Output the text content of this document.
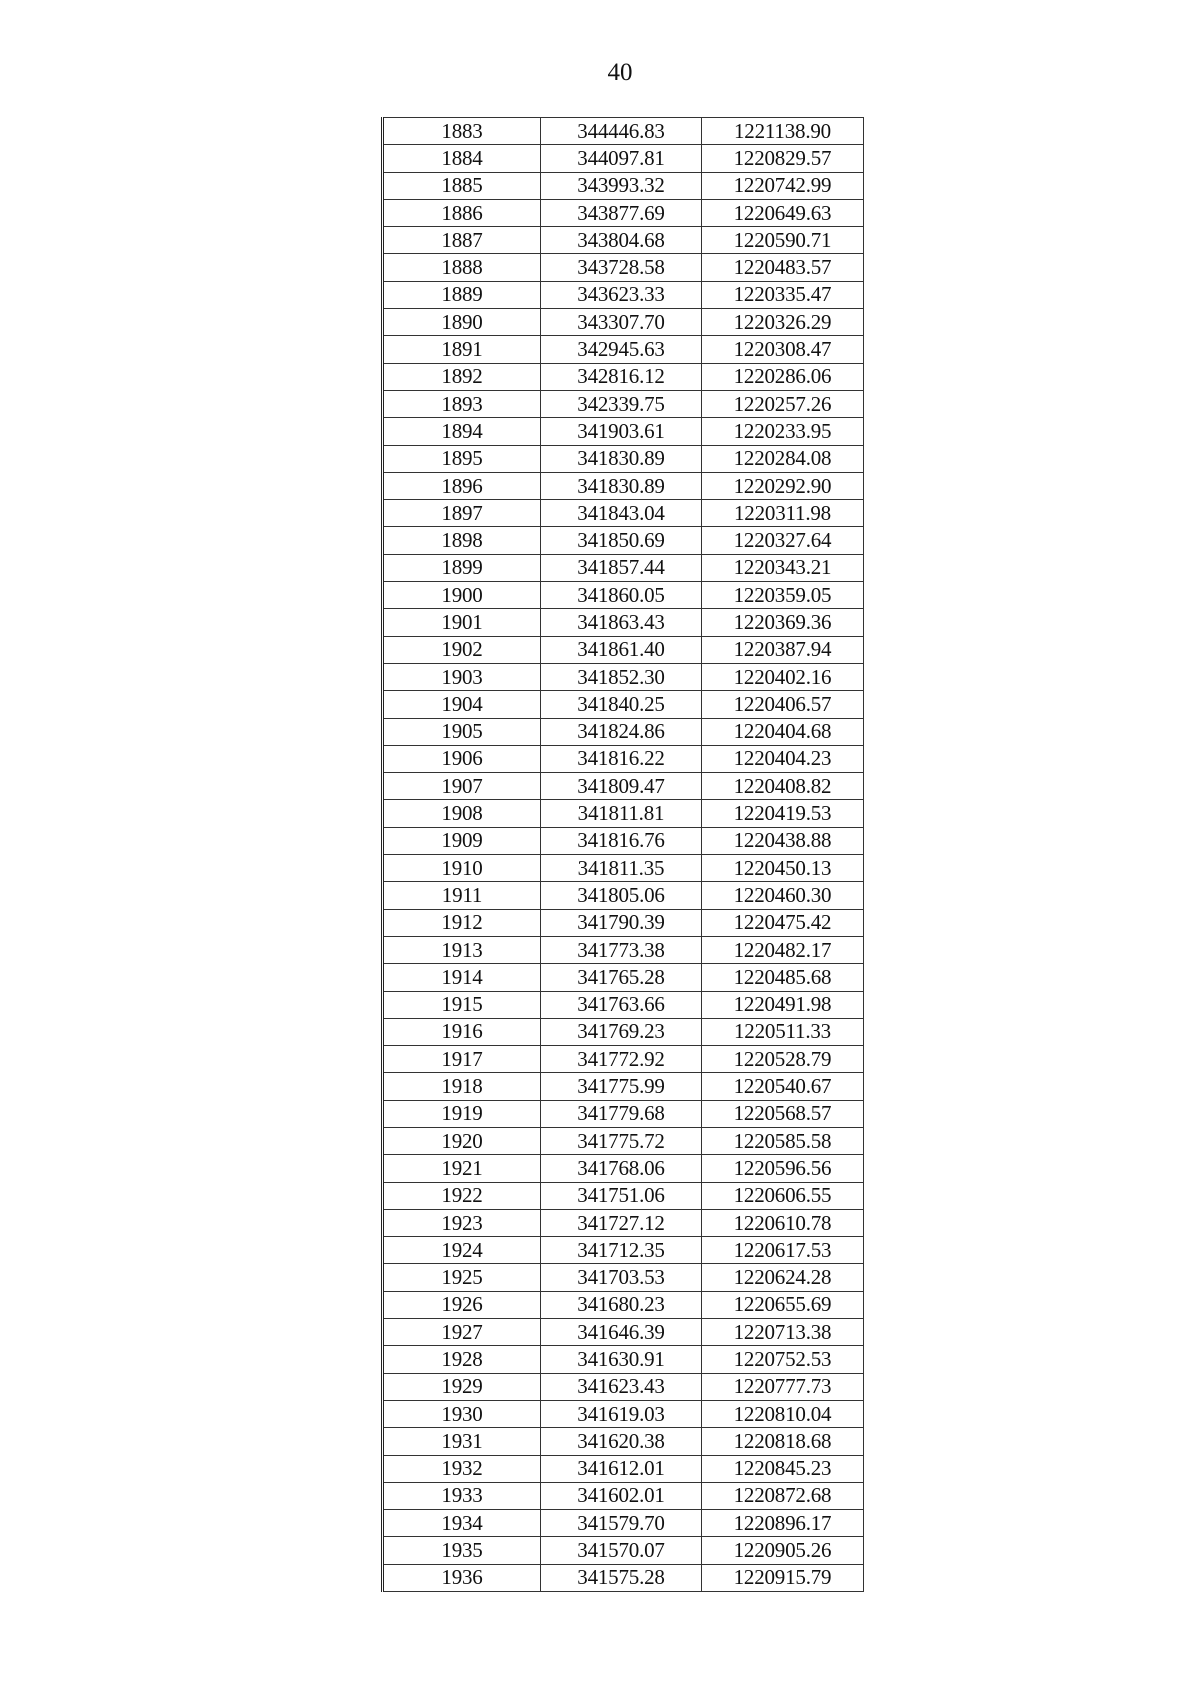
40
1883	344446.83	1221138.90
1884	344097.81	1220829.57
1885	343993.32	1220742.99
1886	343877.69	1220649.63
1887	343804.68	1220590.71
1888	343728.58	1220483.57
1889	343623.33	1220335.47
1890	343307.70	1220326.29
1891	342945.63	1220308.47
1892	342816.12	1220286.06
1893	342339.75	1220257.26
1894	341903.61	1220233.95
1895	341830.89	1220284.08
1896	341830.89	1220292.90
1897	341843.04	1220311.98
1898	341850.69	1220327.64
1899	341857.44	1220343.21
1900	341860.05	1220359.05
1901	341863.43	1220369.36
1902	341861.40	1220387.94
1903	341852.30	1220402.16
1904	341840.25	1220406.57
1905	341824.86	1220404.68
1906	341816.22	1220404.23
1907	341809.47	1220408.82
1908	341811.81	1220419.53
1909	341816.76	1220438.88
1910	341811.35	1220450.13
1911	341805.06	1220460.30
1912	341790.39	1220475.42
1913	341773.38	1220482.17
1914	341765.28	1220485.68
1915	341763.66	1220491.98
1916	341769.23	1220511.33
1917	341772.92	1220528.79
1918	341775.99	1220540.67
1919	341779.68	1220568.57
1920	341775.72	1220585.58
1921	341768.06	1220596.56
1922	341751.06	1220606.55
1923	341727.12	1220610.78
1924	341712.35	1220617.53
1925	341703.53	1220624.28
1926	341680.23	1220655.69
1927	341646.39	1220713.38
1928	341630.91	1220752.53
1929	341623.43	1220777.73
1930	341619.03	1220810.04
1931	341620.38	1220818.68
1932	341612.01	1220845.23
1933	341602.01	1220872.68
1934	341579.70	1220896.17
1935	341570.07	1220905.26
1936	341575.28	1220915.79
